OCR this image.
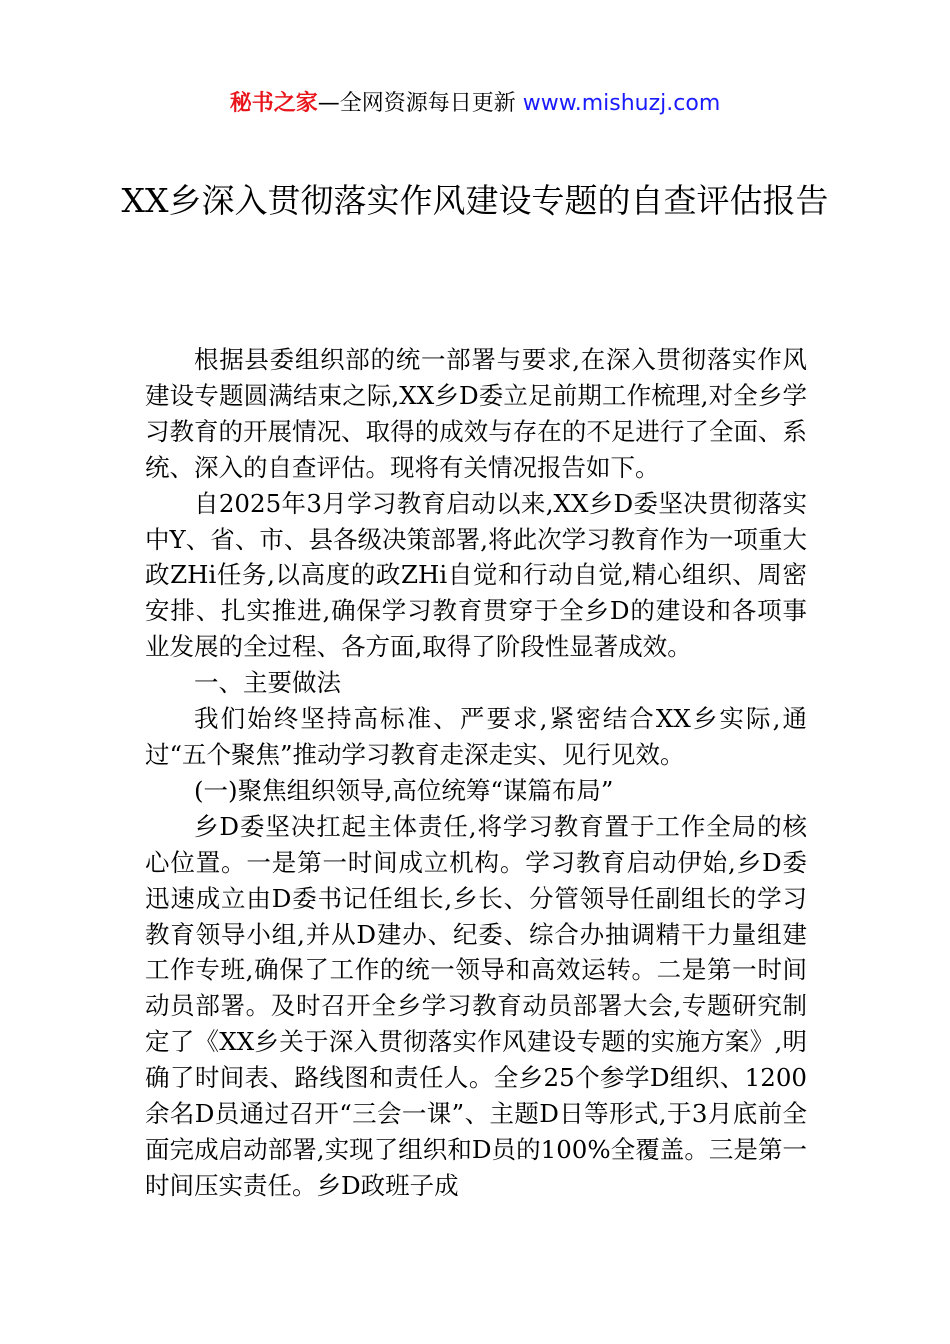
秘书之家—全网资源每日更新 www.mishuzj.com
XX乡深入贯彻落实作风建设专题的自查评估报告

根据县委组织部的统一部署与要求,在深入贯彻落实作风建设专题圆满结束之际,XX乡D委立足前期工作梳理,对全乡学习教育的开展情况、取得的成效与存在的不足进行了全面、系统、深入的自查评估。现将有关情况报告如下。

自2025年3月学习教育启动以来,XX乡D委坚决贯彻落实中Y、省、市、县各级决策部署,将此次学习教育作为一项重大政ZHi任务,以高度的政ZHi自觉和行动自觉,精心组织、周密安排、扎实推进,确保学习教育贯穿于全乡D的建设和各项事业发展的全过程、各方面,取得了阶段性显著成效。

一、主要做法

我们始终坚持高标准、严要求,紧密结合XX乡实际,通过“五个聚焦”推动学习教育走深走实、见行见效。

(一)聚焦组织领导,高位统筹“谋篇布局”

乡D委坚决扛起主体责任,将学习教育置于工作全局的核心位置。一是第一时间成立机构。学习教育启动伊始,乡D委迅速成立由D委书记任组长,乡长、分管领导任副组长的学习教育领导小组,并从D建办、纪委、综合办抽调精干力量组建工作专班,确保了工作的统一领导和高效运转。二是第一时间动员部署。及时召开全乡学习教育动员部署大会,专题研究制定了《XX乡关于深入贯彻落实作风建设专题的实施方案》,明确了时间表、路线图和责任人。全乡25个参学D组织、1200余名D员通过召开“三会一课”、主题D日等形式,于3月底前全面完成启动部署,实现了组织和D员的100%全覆盖。三是第一时间压实责任。乡D政班子成
